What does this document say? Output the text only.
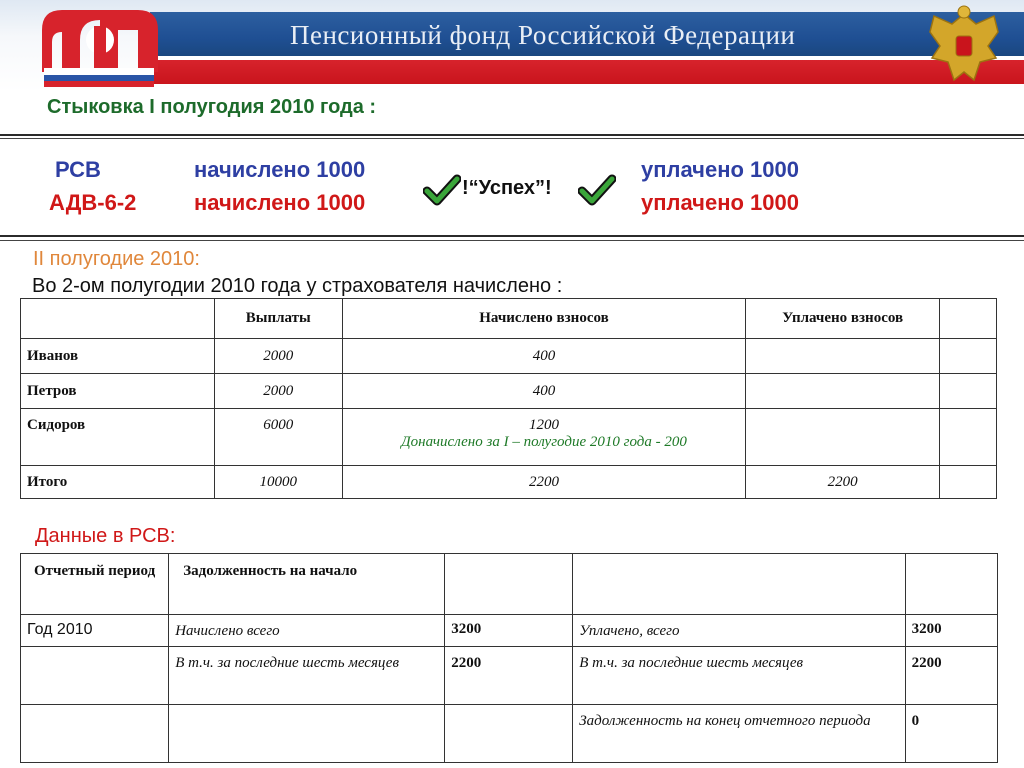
Пенсионный фонд Российской Федерации
Стыковка I полугодия 2010 года :
РСВ	начислено 1000	уплачено 1000
АДВ-6-2	начислено 1000	уплачено 1000
!“Успех”!
II полугодие 2010:
Во 2-ом полугодии 2010 года у страхователя начислено :
	Выплаты	Начислено взносов	Уплачено взносов	
Иванов	2000	400		
Петров	2000	400		
Сидоров	6000	1200
Доначислено за I – полугодие 2010 года - 200		

Итого	10000	2200	2200	
Данные в РСВ:
Отчетный период	Задолженность на начало			
Год 2010	Начислено всего	3200	Уплачено, всего	3200
	В т.ч. за последние шесть месяцев	2200	В т.ч. за последние шесть месяцев	2200
			Задолженность на конец отчетного периода	0
